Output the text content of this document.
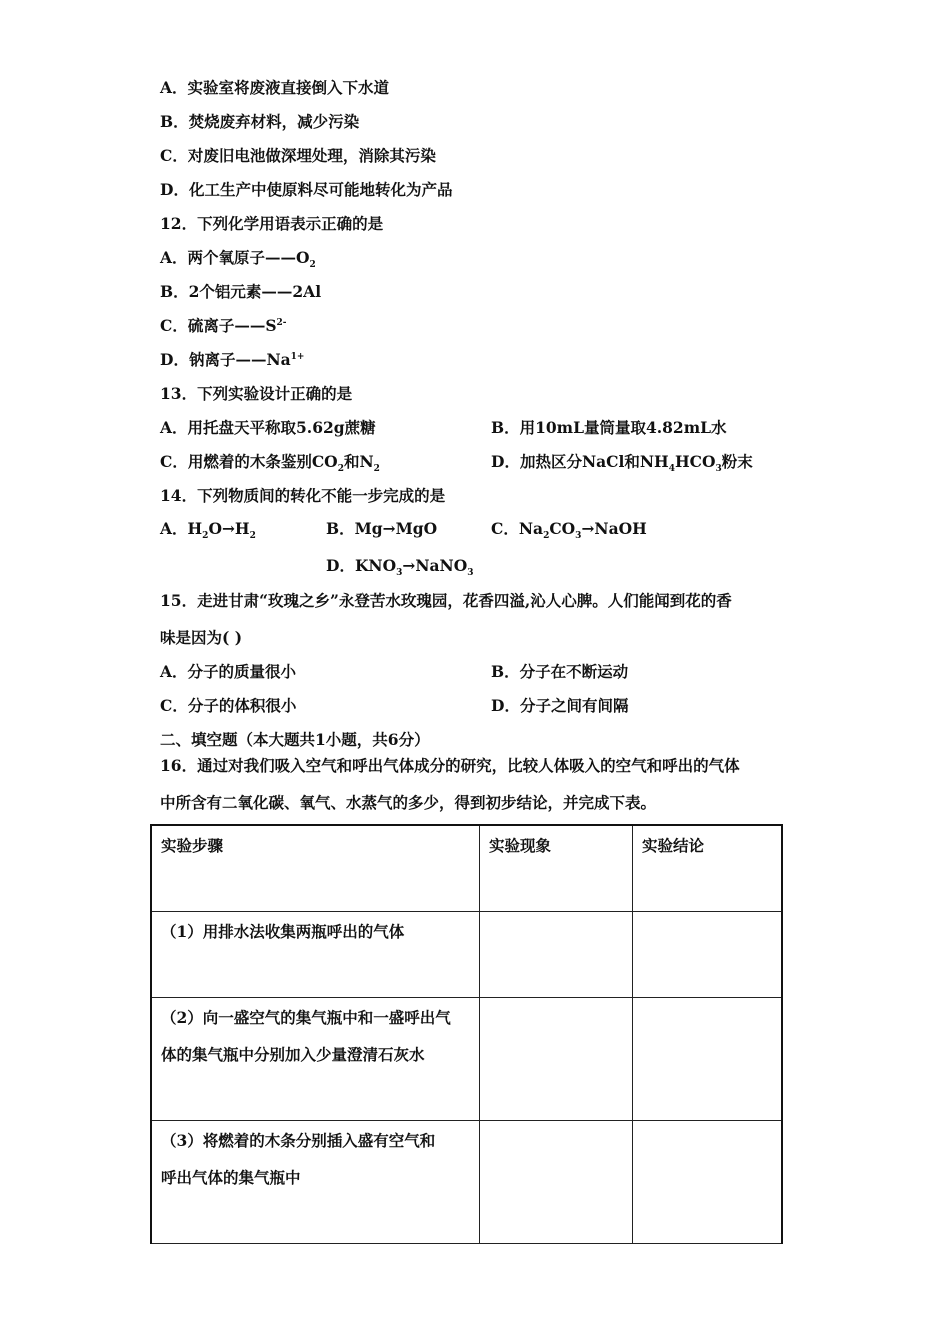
A．实验室将废液直接倒入下水道
B．焚烧废弃材料，减少污染
C．对废旧电池做深埋处理，消除其污染
D．化工生产中使原料尽可能地转化为产品
12．下列化学用语表示正确的是
A．两个氧原子$——O_2$
B．2个铝元素——2Al
C．硫离子$——S^{2-}$
D．钠离子$——Na^{1+}$
13．下列实验设计正确的是
A．用托盘天平称取5.62g蔗糖	B．用10mL量筒量取4.82mL水
C．用燃着的木条鉴别$CO_2$和$N_2$	D．加热区分NaCl和$NH_4HCO_3$粉末
14．下列物质间的转化不能一步完成的是
A．$H_2O\to H_2$	B．Mg→MgO	C．$Na_2CO_3\to NaOH$
D．$KNO_3\to NaNO_3$
15．走进甘肃“玫瑰之乡”永登苦水玫瑰园，花香四溢,沁人心脾。人们能闻到花的香
味是因为( )
A．分子的质量很小	B．分子在不断运动
C．分子的体积很小	D．分子之间有间隔
二、填空题（本大题共1小题，共6分）
16．通过对我们吸入空气和呼出气体成分的研究，比较人体吸入的空气和呼出的气体
中所含有二氧化碳、氧气、水蒸气的多少，得到初步结论，并完成下表。
实验步骤	实验现象	实验结论

（1）用排水法收集两瓶呼出的气体		

（2）向一盛空气的集气瓶中和一盛呼出气
体的集气瓶中分别加入少量澄清石灰水		

（3）将燃着的木条分别插入盛有空气和
呼出气体的集气瓶中		
